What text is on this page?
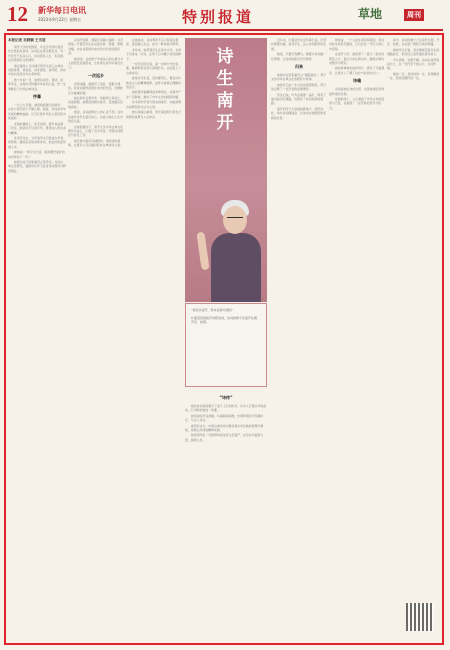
12 新华每日电讯
2023年9月22日 星期五	特别报道	草地	周刊
本报记者 吴晓颖 王书迎

南开大学的校园里，年近百岁的叶嘉莹先生依旧在讲诗，诗词在这里生根发芽，为一代代学子点亮心灯。诗词里有人生，有家国，也有绵延的文化情怀。

她在课堂上以吟诵引领学生进入古典诗词的世界，讲杜甫、讲李商隐、讲苏轼，讲诗中的兴发感动与生命体悟。

数十年如一日，她坚持讲学、著述、培养学生，在海内外传播中华诗词之美，把一生奉献给了中国古典诗词。

序幕

一九七九年春，她回到祖国大陆讲学，从此与南开结下不解之缘。她说，诗词是中华民族的精神血脉，应当让更多年轻人感受其中的美好。

在她的课堂上，座无虚席，窗外也站满了学生。她讲诗不仅讲字句，更讲诗人的生命与精神。

许多年过去，当年的学生已经成为学者和教师，继续在各地讲授诗词，把这份热爱传递下去。

她常说：“我平生志意，就是要把美好的诗词传给下一代。”

她捐出自己的积蓄设立奖学金，支持古典文化研究，鼓励年轻学子投身诗词教育与研究事业。

在南开园里，迦陵学舍静立湖畔，书声琅琅。叶嘉莹先生在这里会客、授课、整理书稿，也在这里接待来自四方的诗词爱好者。

她讲诗，总能把千年前诗人的心绪与今人的感受连接起来，让听者在诗句中看见自己。

一次返乡

回望来路，她经历了战乱、离散与漂泊，但诗词始终是她生命中的光亮，支撑她走过重重困境。

她在海外任教多年，却始终心系故土。每逢假期，她都回到国内讲学，足迹遍及各地高校。

她说，诗词能够让人的心灵不死。这句话被许多学生铭记在心，也成为他们人生中的座右铭。

在她的推动下，南开大学中华古典文化研究所成立，汇聚了众多学者，开展诗词研究与普及工作。

她还参与编写吟诵教材，录制讲座视频，让更多人可以随时聆听古典诗词之美。

在她看来，诗词教育不应只停留在课堂，更应融入生活，成为一种审美与修养。

多年来，她带领学生走进中小学，为孩子们讲诗、吟诗，在孩子心中播下诗词的种子。

一位学生回忆说，第一次听叶先生讲课，就被那份从容与深情打动，从此爱上了古典诗词。

她常对学生说，读诗要用心，要在诗中体会古人的精神境界，这样才能真正理解诗的意义。

她的著作被翻译成多种语言，在海外产生广泛影响，推动了中华文化的国际传播。

许多海外学者专程来到南开，向她请教诗词研究的方法与心得。

她总是耐心解答，毫无保留地分享自己的研究成果与人生体会。

诗生南开

“我是从南开，原本在海外漂泊”

叶嘉莹回到南开讲授诗词，诗词的种子在南开生根、开花、结果。

“诗传”

她的诗词讲座吸引了成千上万的听众，许多人专程从外地赶来，只为聆听她的一堂课。

她讲诗时声音清朗，吟诵抑扬顿挫，仿佛带领听众穿越时空，与古人对话。

她坚持认为，中国古典诗词中蕴含着中华民族的智慧与情感，是我们共同的精神家园。

她希望年轻一代能够珍视这份文化遗产，在诗词中汲取力量，涵养心灵。

近年来，叶嘉莹先生虽年事已高，仍坚持整理书稿，指导学生，关心诗词教育的发展。

她说，只要还有精力，就要为诗词做一些事情，让诗词的薪火代代相传。

归来

她捐出全部积蓄设立“迦陵基金”，用于支持中华古典文化的研究与传承。

她把自己的一生与诗词紧紧相连，用行动诠释了一位学者的家国情怀。

学生们说，叶先生就像一盏灯，照亮了他们前行的道路，也照亮了诗词传承的道路。

南开的学子们在她的影响下，组织诗社，举办诗词朗诵会，让诗词在校园里焕发新的生机。

她常说，一个人的生命是有限的，但诗词的生命是无限的，它们会在一代代人的心中延续。

在南开大学，她培养了一批又一批诗词研究人才，他们分布在海内外，继续从事诗词教学与研究。

她的故事被拍成纪录片，感动了无数观众，让更多人了解了这位“诗词的女儿”。

诗魂

诗词是她生命的全部，也是她留给世界最珍贵的礼物。

在她的身上，人们看到了中华文化的温度与力量，也看到了一位学者的坚守与担当。

如今，诗词的种子已在南开生根、开花、结果，也在更广阔的天地间传播。

她的学生们说，将会继续沿着先生的道路前行，把诗词之美传递给更多的人。

岁月流转，弦歌不辍。诗词在南开的讲台上，在一代代学子的心中，永远传唱。

她的一生，是诗词的一生，是奉献的一生，是家国情怀的一生。
